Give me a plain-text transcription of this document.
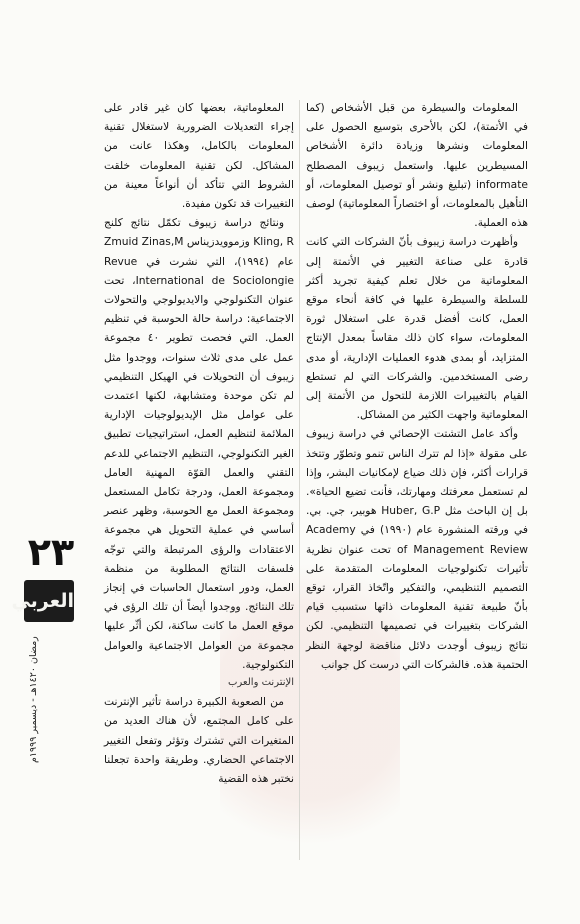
المعلومات والسيطرة من قبل الأشخاص (كما في الأتمتة)، لكن بالأحرى بتوسيع الحصول على المعلومات ونشرها وزيادة دائرة الأشخاص المسيطرين عليها. واستعمل زيبوف المصطلح informate (تبليغ ونشر أو توصيل المعلومات، أو التأهيل بالمعلومات، أو اختصاراً المعلوماتية) لوصف هذه العملية.

وأظهرت دراسة زيبوف بأنّ الشركات التي كانت قادرة على صناعة التغيير في الأتمتة إلى المعلوماتية من خلال تعلم كيفية تجريد أكثر للسلطة والسيطرة عليها في كافة أنحاء موقع العمل، كانت أفضل قدرة على استغلال ثورة المعلومات، سواء كان ذلك مقاساً بمعدل الإنتاج المتزايد، أو بمدى هدوء العمليات الإدارية، أو مدى رضى المستخدمين. والشركات التي لم تستطع القيام بالتغييرات اللازمة للتحول من الأتمتة إلى المعلوماتية واجهت الكثير من المشاكل.

وأكد عامل التشتت الإحصائي في دراسة زيبوف على مقولة «إذا لم تترك الناس تنمو وتطوّر وتتخذ قرارات أكثر، فإن ذلك ضياع لإمكانيات البشر، وإذا لم تستعمل معرفتك ومهارتك، فأنت تضيع الحياة». بل إن الباحث مثل Huber, G.P هوبير، جي. بي. في ورقته المنشورة عام (١٩٩٠) في Academy of Management Review تحت عنوان نظرية تأثيرات تكنولوجيات المعلومات المتقدمة على التصميم التنظيمي، والتفكير واتّخاذ القرار، توقع بأنّ طبيعة تقنية المعلومات ذاتها ستسبب قيام الشركات بتغييرات في تصميمها التنظيمي. لكن نتائج زيبوف أوجدت دلائل مناقضة لوجهة النظر الحتمية هذه. فالشركات التي درست كل جوانب

المعلوماتية، بعضها كان غير قادر على إجراء التعديلات الضرورية لاستغلال تقنية المعلومات بالكامل، وهكذا عانت من المشاكل. لكن تقنية المعلومات خلقت الشروط التي تتأكد أن أنواعاً معينة من التغييرات قد تكون مفيدة.

ونتائج دراسة زيبوف تكمّل نتائج كلنج Kling, R وزموويدزيناس Zmuid Zinas,M عام (١٩٩٤)، التي نشرت في Revue International de Sociolongie، تحت عنوان التكنولوجي والايديولوجي والتحولات الاجتماعية: دراسة حالة الحوسبة في تنظيم العمل. التي فحصت تطوير ٤٠ مجموعة عمل على مدى ثلاث سنوات، ووجدوا مثل زيبوف أن التحويلات في الهيكل التنظيمي لم تكن موحدة ومتشابهة، لكنها اعتمدت على عوامل مثل الإيديولوجيات الإدارية الملائمة لتنظيم العمل، استراتيجيات تطبيق الغير التكنولوجي، التنظيم الاجتماعي للدعم التقني والعمل القوّة المهنية العامل ومجموعة العمل، ودرجة تكامل المستعمل ومجموعة العمل مع الحوسبة، وظهر عنصر أساسي في عملية التحويل هي مجموعة الاعتقادات والرؤى المرتبطة والتي توجّه فلسفات النتائج المطلوبة من منظمة العمل، ودور استعمال الحاسبات في إنجاز تلك النتائج. ووجدوا أيضاً أن تلك الرؤى في موقع العمل ما كانت ساكنة، لكن أثّر عليها مجموعة من العوامل الاجتماعية والعوامل التكنولوجية.

الإنترنت والعرب

من الصعوبة الكبيرة دراسة تأثير الإنترنت على كامل المجتمع، لأن هناك العديد من المتغيرات التي تشترك وتؤثر وتفعل التغيير الاجتماعي الحضاري. وطريقة واحدة تجعلنا نختبر هذه القضية

٢٣
العربي
رمضان ١٤٢٠هـ - ديسمبر ١٩٩٩م
